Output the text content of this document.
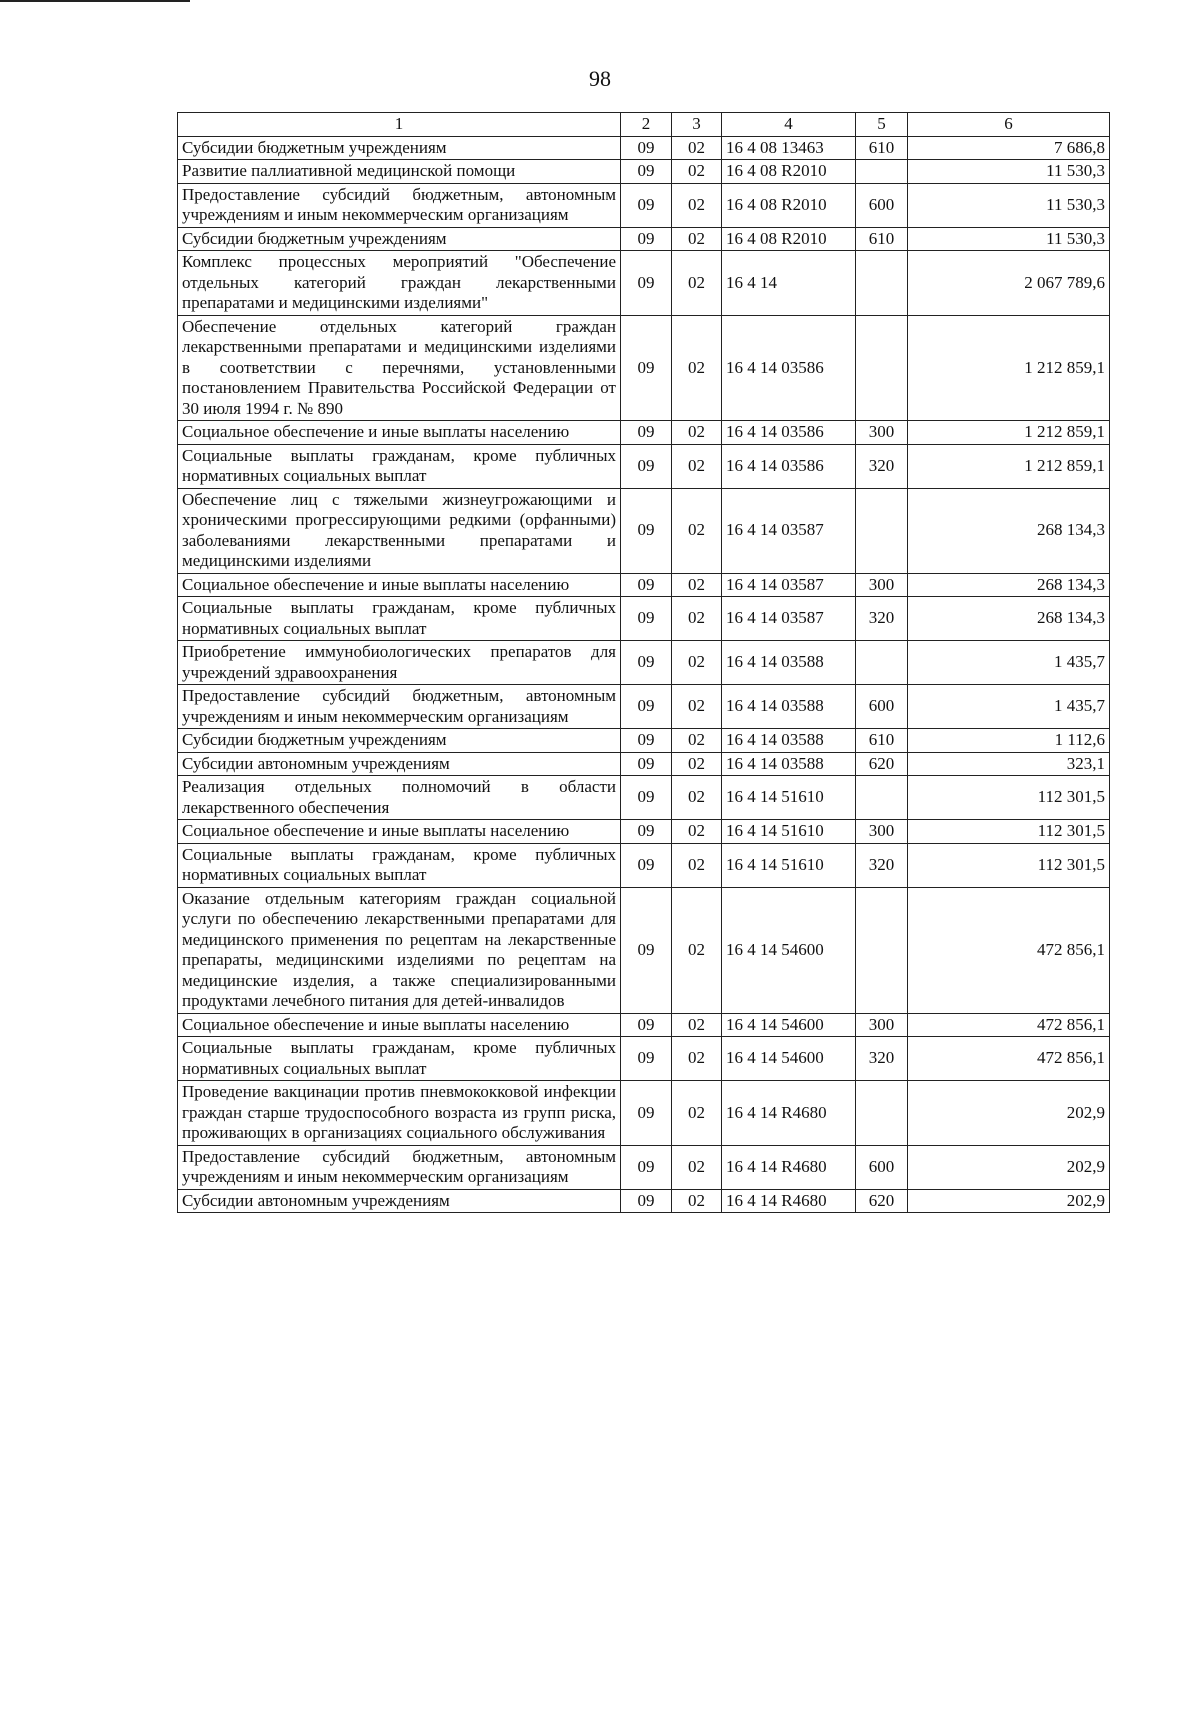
98
1	2	3	4	5	6
Субсидии бюджетным учреждениям	09	02	16 4 08 13463	610	7 686,8
Развитие паллиативной медицинской помощи	09	02	16 4 08 R2010		11 530,3
Предоставление субсидий бюджетным, автономным учреждениям и иным некоммерческим организациям	09	02	16 4 08 R2010	600	11 530,3
Субсидии бюджетным учреждениям	09	02	16 4 08 R2010	610	11 530,3
Комплекс процессных мероприятий "Обеспечение отдельных категорий граждан лекарственными препаратами и медицинскими изделиями"	09	02	16 4 14		2 067 789,6
Обеспечение отдельных категорий граждан лекарственными препаратами и медицинскими изделиями в соответствии с перечнями, установленными постановлением Правительства Российской Федерации от 30 июля 1994 г. № 890	09	02	16 4 14 03586		1 212 859,1
Социальное обеспечение и иные выплаты населению	09	02	16 4 14 03586	300	1 212 859,1
Социальные выплаты гражданам, кроме публичных нормативных социальных выплат	09	02	16 4 14 03586	320	1 212 859,1
Обеспечение лиц с тяжелыми жизнеугрожающими и хроническими прогрессирующими редкими (орфанными) заболеваниями лекарственными препаратами и медицинскими изделиями	09	02	16 4 14 03587		268 134,3
Социальное обеспечение и иные выплаты населению	09	02	16 4 14 03587	300	268 134,3
Социальные выплаты гражданам, кроме публичных нормативных социальных выплат	09	02	16 4 14 03587	320	268 134,3
Приобретение иммунобиологических препаратов для учреждений здравоохранения	09	02	16 4 14 03588		1 435,7
Предоставление субсидий бюджетным, автономным учреждениям и иным некоммерческим организациям	09	02	16 4 14 03588	600	1 435,7
Субсидии бюджетным учреждениям	09	02	16 4 14 03588	610	1 112,6
Субсидии автономным учреждениям	09	02	16 4 14 03588	620	323,1
Реализация отдельных полномочий в области лекарственного обеспечения	09	02	16 4 14 51610		112 301,5
Социальное обеспечение и иные выплаты населению	09	02	16 4 14 51610	300	112 301,5
Социальные выплаты гражданам, кроме публичных нормативных социальных выплат	09	02	16 4 14 51610	320	112 301,5
Оказание отдельным категориям граждан социальной услуги по обеспечению лекарственными препаратами для медицинского применения по рецептам на лекарственные препараты, медицинскими изделиями по рецептам на медицинские изделия, а также специализированными продуктами лечебного питания для детей-инвалидов	09	02	16 4 14 54600		472 856,1
Социальное обеспечение и иные выплаты населению	09	02	16 4 14 54600	300	472 856,1
Социальные выплаты гражданам, кроме публичных нормативных социальных выплат	09	02	16 4 14 54600	320	472 856,1
Проведение вакцинации против пневмококковой инфекции граждан старше трудоспособного возраста из групп риска, проживающих в организациях социального обслуживания	09	02	16 4 14 R4680		202,9
Предоставление субсидий бюджетным, автономным учреждениям и иным некоммерческим организациям	09	02	16 4 14 R4680	600	202,9
Субсидии автономным учреждениям	09	02	16 4 14 R4680	620	202,9
